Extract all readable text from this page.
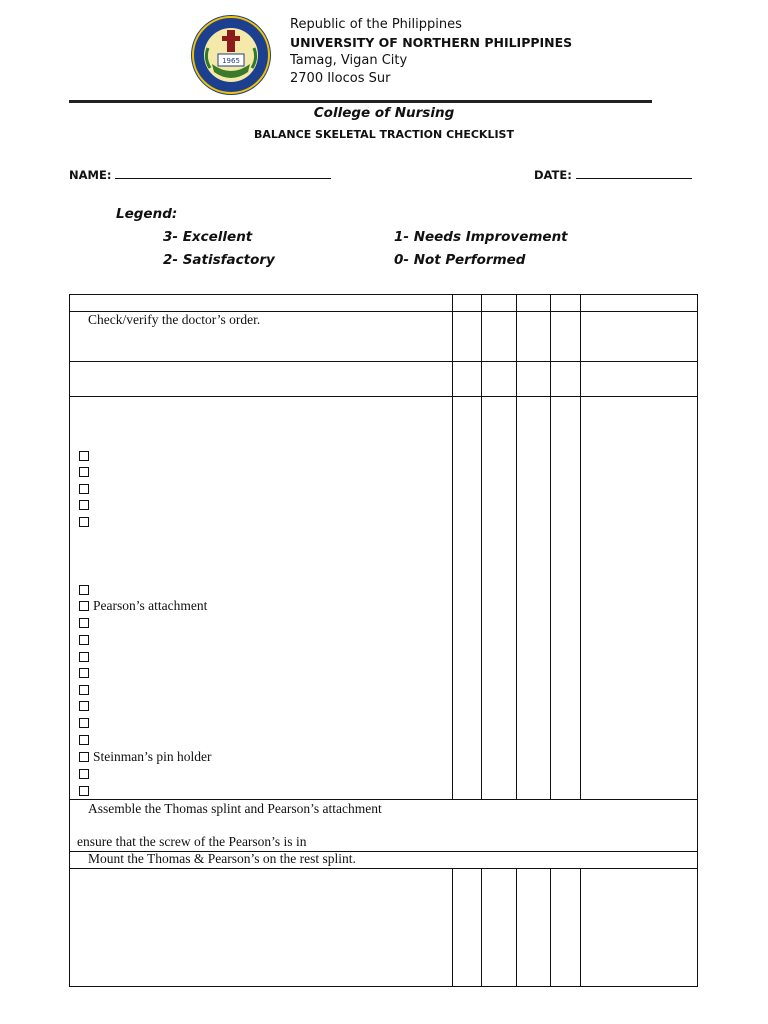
1965
Republic of the Philippines
UNIVERSITY OF NORTHERN PHILIPPINES
Tamag, Vigan City
2700 Ilocos Sur
College of Nursing
BALANCE SKELETAL TRACTION CHECKLIST
NAME:	DATE:
Legend:
3- Excellent
2- Satisfactory
1- Needs Improvement
0- Not Performed
Check/verify the doctor’s order.
Pearson’s attachment
Steinman’s pin holder
Assemble the Thomas splint and Pearson’s attachment
ensure that the screw of the Pearson’s is in
Mount the Thomas & Pearson’s on the rest splint.
